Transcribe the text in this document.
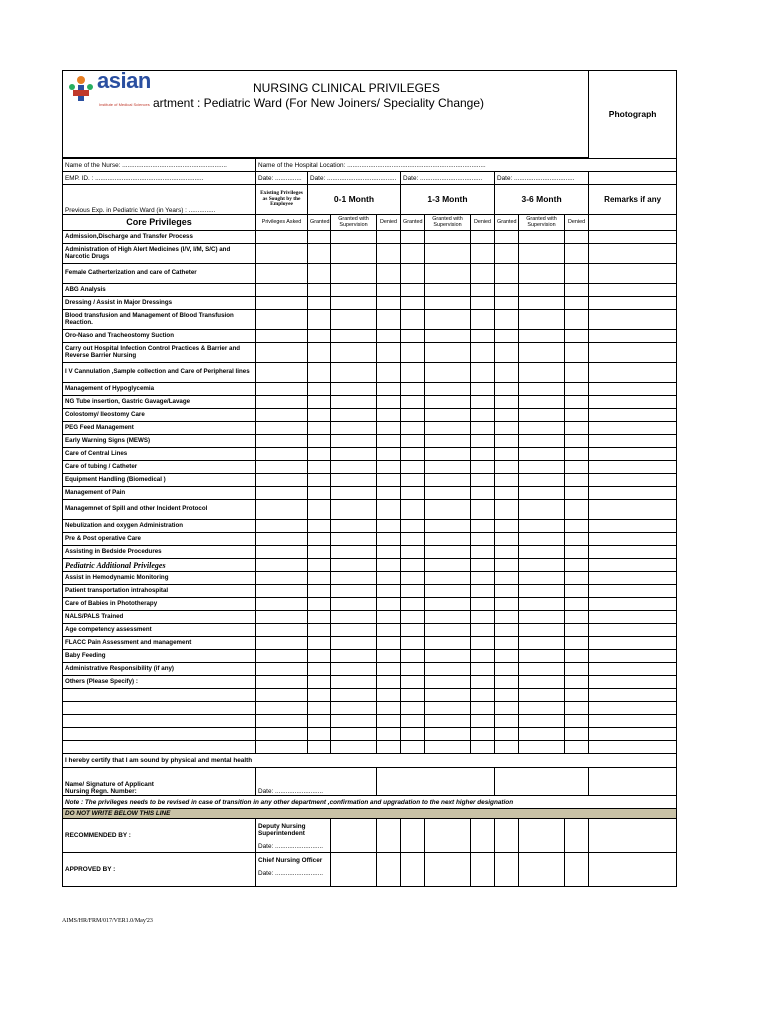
asian
Institute of Medical Sciences
NURSING CLINICAL PRIVILEGES
artment : Pediatric Ward (For New Joiners/ Speciality Change)											Photograph

Name of the Nurse: ...........................................................	Name of the Hospital Location: ..............................................................................										
EMP. ID. : .............................................................	Date: ...............	Date: .......................................			Date: ...................................			Date: ..................................			
Previous Exp. in Pediatric Ward (in Years) : ...............	Existing Privileges as Sought by the Employee	0-1 Month			1-3 Month			3-6 Month			Remarks if any
Core Privileges	Privileges Asked	Granted	Granted with Supervision	Denied	Granted	Granted with Supervision	Denied	Granted	Granted with Supervision	Denied	
Admission,Discharge and Transfer Process											
Administration of High Alert Medicines (I/V, I/M, S/C) and Narcotic Drugs											
Female Catherterization and care of Catheter											
ABG Analysis											
Dressing / Assist in Major Dressings											
Blood transfusion and Management of Blood Transfusion Reaction.											
Oro-Naso and Tracheostomy Suction											
Carry out Hospital Infection Control Practices & Barrier and Reverse Barrier Nursing											
I V Cannulation ,Sample collection and Care of Peripheral lines											
Management of Hypoglycemia											
NG Tube insertion, Gastric Gavage/Lavage											
Colostomy/ Ileostomy Care											
PEG Feed Management											
Early Warning Signs (MEWS)											
Care of Central Lines											
Care of tubing / Catheter											
Equipment Handling (Biomedical )											
Management of Pain											
Managemnet of Spill and other Incident Protocol											
Nebulization and oxygen Administration											
Pre & Post operative Care											
Assisting in Bedside Procedures											
Pediatric Additional Privileges											
Assist in Hemodynamic Monitoring											
Patient transportation intrahospital											
Care of Babies in Phototherapy											
NALS/PALS Trained											
Age competency assessment											
FLACC Pain Assessment and management											
Baby Feeding											
Administrative Responsibility (if any)											
Others (Please Specify) :											

I hereby certify that I am sound by physical and mental health											

Name/ Signature of Applicant
Nursing Regn. Number:	Date: ...........................										
Note : The privileges needs to be revised in case of transition in any other department ,confirmation and upgradation to the next higher designation											
DO NOT WRITE BELOW THIS LINE											
RECOMMENDED BY :	Deputy Nursing Superintendent
Date: ...........................										

APPROVED BY :	Chief Nursing Officer
Date: ...........................										

AIMS/HR/FRM/017/VER1.0/May'23
